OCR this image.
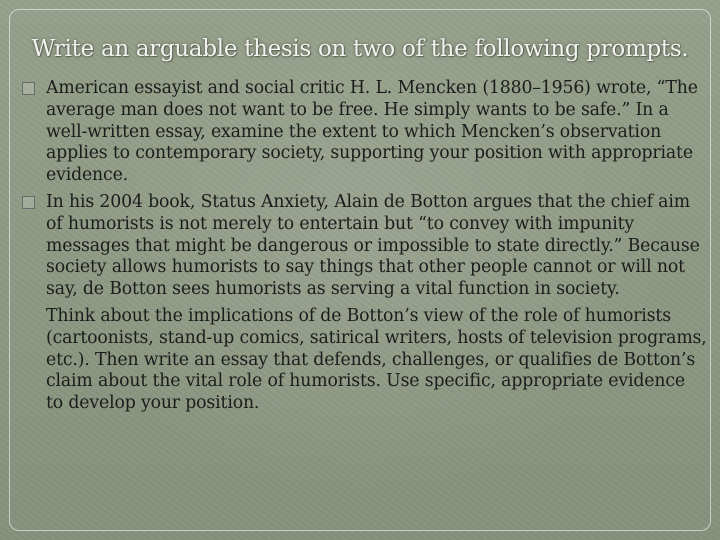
Write an arguable thesis on two of the following prompts.
American essayist and social critic H. L. Mencken (1880–1956) wrote, “The average man does not want to be free. He simply wants to be safe.” In a well-written essay, examine the extent to which Mencken’s observation applies to contemporary society, supporting your position with appropriate evidence.
In his 2004 book, Status Anxiety, Alain de Botton argues that the chief aim of humorists is not merely to entertain but “to convey with impunity messages that might be dangerous or impossible to state directly.” Because society allows humorists to say things that other people cannot or will not say, de Botton sees humorists as serving a vital function in society.

Think about the implications of de Botton’s view of the role of humorists (cartoonists, stand-up comics, satirical writers, hosts of television programs, etc.). Then write an essay that defends, challenges, or qualifies de Botton’s claim about the vital role of humorists. Use specific, appropriate evidence to develop your position.
